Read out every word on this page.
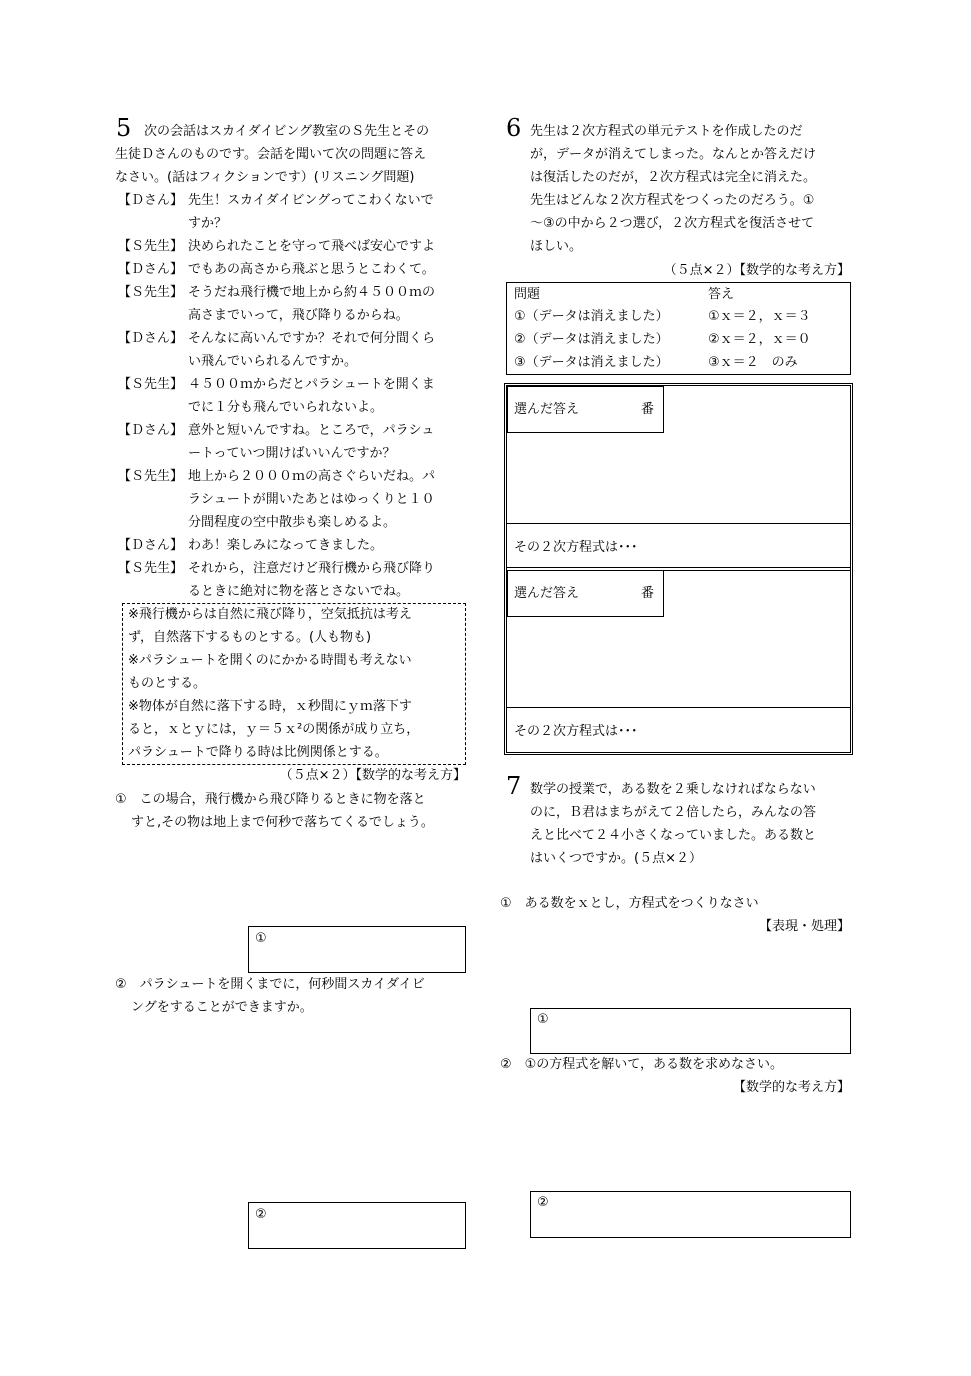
5 次の会話はスカイダイビング教室のＳ先生とその
生徒Ｄさんのものです。会話を聞いて次の問題に答え
なさい。(話はフィクションです）(リスニング問題)
【Ｄさん】 先生！スカイダイビングってこわくないで
すか？
【Ｓ先生】 決められたことを守って飛べば安心ですよ
【Ｄさん】 でもあの高さから飛ぶと思うとこわくて。
【Ｓ先生】 そうだね飛行機で地上から約４５００ｍの
高さまでいって，飛び降りるからね。
【Ｄさん】 そんなに高いんですか？それで何分間くら
い飛んでいられるんですか。
【Ｓ先生】 ４５００ｍからだとパラシュートを開くま
でに１分も飛んでいられないよ。
【Ｄさん】 意外と短いんですね。ところで，パラシュ
ートっていつ開けばいいんですか？
【Ｓ先生】 地上から２０００ｍの高さぐらいだね。パ
ラシュートが開いたあとはゆっくりと１０
分間程度の空中散歩も楽しめるよ。
【Ｄさん】 わあ！楽しみになってきました。
【Ｓ先生】 それから，注意だけど飛行機から飛び降り
るときに絶対に物を落とさないでね。
※飛行機からは自然に飛び降り，空気抵抗は考え
ず，自然落下するものとする。(人も物も)
※パラシュートを開くのにかかる時間も考えない
ものとする。
※物体が自然に落下する時，ｘ秒間にｙｍ落下す
ると，ｘとｙには，ｙ＝５ｘ²の関係が成り立ち，
パラシュートで降りる時は比例関係とする。
（５点×２）【数学的な考え方】
①　この場合，飛行機から飛び降りるときに物を落と
すと,その物は地上まで何秒で落ちてくるでしょう。
①
②　パラシュートを開くまでに，何秒間スカイダイビ
ングをすることができますか。
②
6 先生は２次方程式の単元テストを作成したのだ
が，データが消えてしまった。なんとか答えだけ
は復活したのだが，２次方程式は完全に消えた。
先生はどんな２次方程式をつくったのだろう。①
～③の中から２つ選び，２次方程式を復活させて
ほしい。
（５点×２）【数学的な考え方】
問題	答え
①（データは消えました）	①ｘ＝２，ｘ＝３
②（データは消えました）	②ｘ＝２，ｘ＝０
③（データは消えました）	③ｘ＝２　のみ
選んだ答え	番
その２次方程式は･･･
選んだ答え	番
その２次方程式は･･･
7 数学の授業で，ある数を２乗しなければならない
のに，Ｂ君はまちがえて２倍したら，みんなの答
えと比べて２４小さくなっていました。ある数と
はいくつですか。(５点×２）
①　ある数をｘとし，方程式をつくりなさい
【表現・処理】
①
②　①の方程式を解いて，ある数を求めなさい。
【数学的な考え方】
②
